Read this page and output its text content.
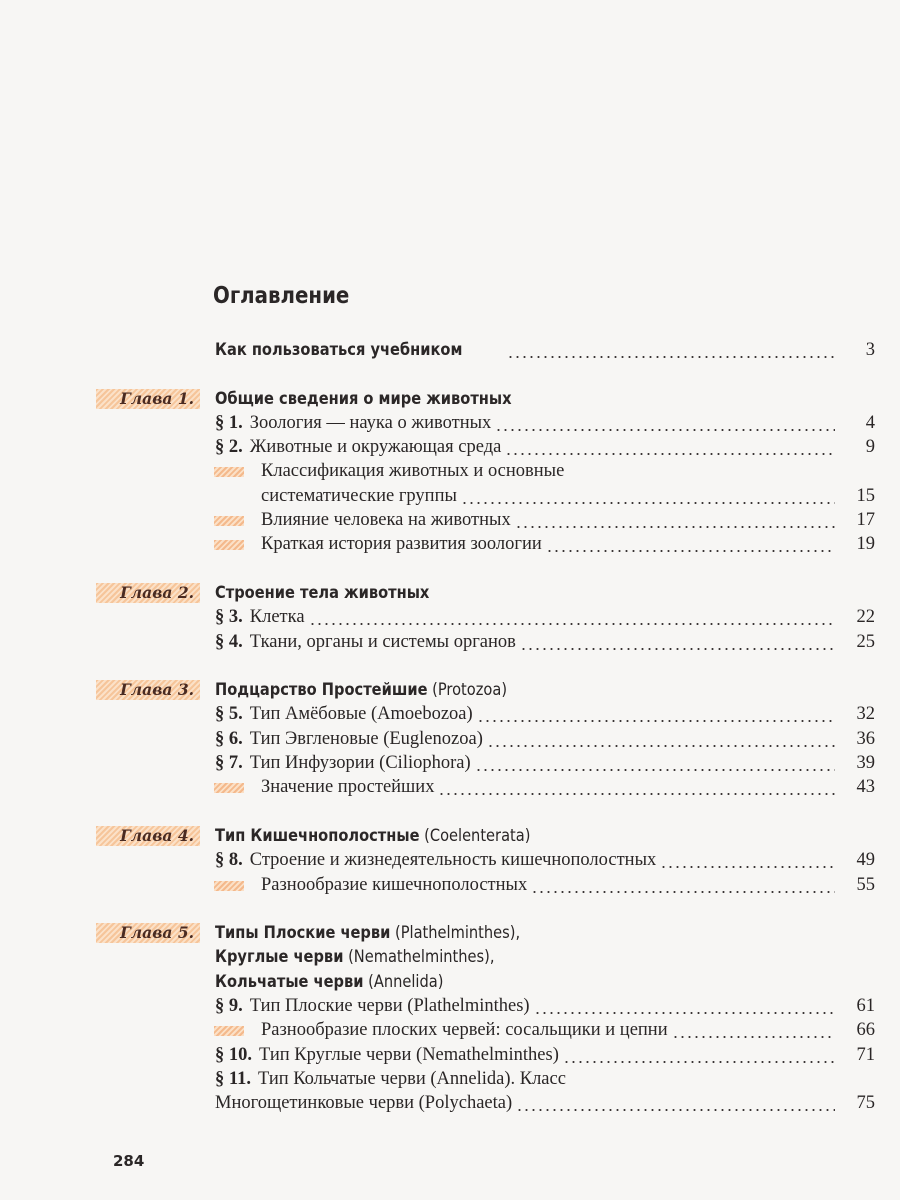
Оглавление
Как пользоваться учебником	3
Глава 1.	Общие сведения о мире животных
§ 1. Зоология — наука о животных	4
§ 2. Животные и окружающая среда	9
Классификация животных и основные
систематические группы	15
Влияние человека на животных	17
Краткая история развития зоологии	19
Глава 2.	Строение тела животных
§ 3. Клетка	22
§ 4. Ткани, органы и системы органов	25
Глава 3.	Подцарство Простейшие (Protozoa)
§ 5. Тип Амёбовые (Amoebozoa)	32
§ 6. Тип Эвгленовые (Euglenozoa)	36
§ 7. Тип Инфузории (Ciliophora)	39
Значение простейших	43
Глава 4.	Тип Кишечнополостные (Coelenterata)
§ 8. Строение и жизнедеятельность кишечнополостных	49
Разнообразие кишечнополостных	55
Глава 5.	Типы Плоские черви (Plathelminthes),
Круглые черви (Nemathelminthes),
Кольчатые черви (Annelida)
§ 9. Тип Плоские черви (Plathelminthes)	61
Разнообразие плоских червей: сосальщики и цепни	66
§ 10. Тип Круглые черви (Nemathelminthes)	71
§ 11. Тип Кольчатые черви (Annelida). Класс
Многощетинковые черви (Polychaeta)	75
284
